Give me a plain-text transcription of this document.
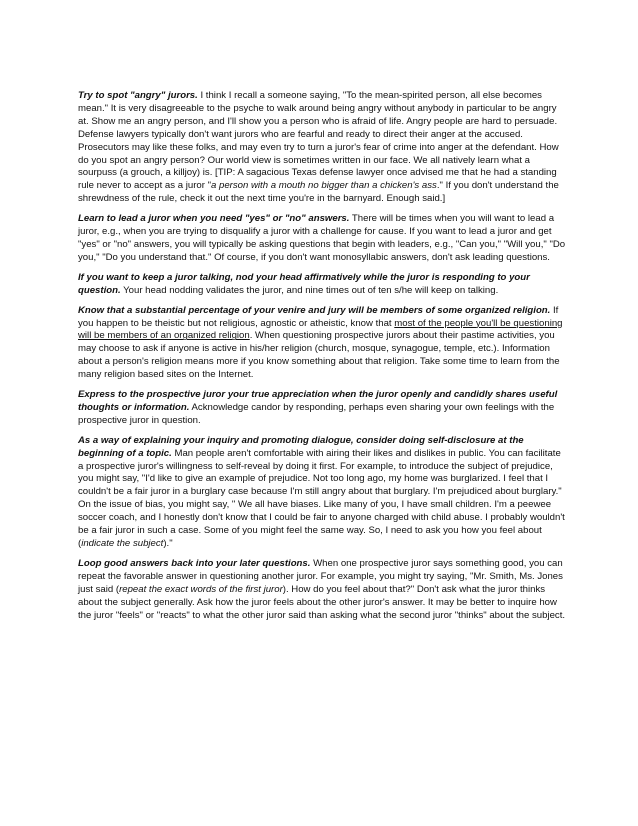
Try to spot "angry" jurors. I think I recall a someone saying, "To the mean-spirited person, all else becomes mean." It is very disagreeable to the psyche to walk around being angry without anybody in particular to be angry at. Show me an angry person, and I'll show you a person who is afraid of life. Angry people are hard to persuade. Defense lawyers typically don't want jurors who are fearful and ready to direct their anger at the accused. Prosecutors may like these folks, and may even try to turn a juror's fear of crime into anger at the defendant. How do you spot an angry person? Our world view is sometimes written in our face. We all natively learn what a sourpuss (a grouch, a killjoy) is. [TIP: A sagacious Texas defense lawyer once advised me that he had a standing rule never to accept as a juror "a person with a mouth no bigger than a chicken's ass." If you don't understand the shrewdness of the rule, check it out the next time you're in the barnyard. Enough said.]

Learn to lead a juror when you need "yes" or "no" answers. There will be times when you will want to lead a juror, e.g., when you are trying to disqualify a juror with a challenge for cause. If you want to lead a juror and get "yes" or "no" answers, you will typically be asking questions that begin with leaders, e.g., "Can you," "Will you," "Do you," "Do you understand that." Of course, if you don't want monosyllabic answers, don't ask leading questions.

If you want to keep a juror talking, nod your head affirmatively while the juror is responding to your question. Your head nodding validates the juror, and nine times out of ten s/he will keep on talking.

Know that a substantial percentage of your venire and jury will be members of some organized religion. If you happen to be theistic but not religious, agnostic or atheistic, know that most of the people you'll be questioning will be members of an organized religion. When questioning prospective jurors about their pastime activities, you may choose to ask if anyone is active in his/her religion (church, mosque, synagogue, temple, etc.). Information about a person's religion means more if you know something about that religion. Take some time to learn from the many religion based sites on the Internet.

Express to the prospective juror your true appreciation when the juror openly and candidly shares useful thoughts or information. Acknowledge candor by responding, perhaps even sharing your own feelings with the prospective juror in question.

As a way of explaining your inquiry and promoting dialogue, consider doing self-disclosure at the beginning of a topic. Man people aren't comfortable with airing their likes and dislikes in public. You can facilitate a prospective juror's willingness to self-reveal by doing it first. For example, to introduce the subject of prejudice, you might say, "I'd like to give an example of prejudice. Not too long ago, my home was burglarized. I feel that I couldn't be a fair juror in a burglary case because I'm still angry about that burglary. I'm prejudiced about burglary." On the issue of bias, you might say, " We all have biases. Like many of you, I have small children. I'm a peewee soccer coach, and I honestly don't know that I could be fair to anyone charged with child abuse. I probably wouldn't be a fair juror in such a case. Some of you might feel the same way. So, I need to ask you how you feel about (indicate the subject)."

Loop good answers back into your later questions. When one prospective juror says something good, you can repeat the favorable answer in questioning another juror. For example, you might try saying, "Mr. Smith, Ms. Jones just said (repeat the exact words of the first juror). How do you feel about that?" Don't ask what the juror thinks about the subject generally. Ask how the juror feels about the other juror's answer. It may be better to inquire how the juror "feels" or "reacts" to what the other juror said than asking what the second juror "thinks" about the subject.
